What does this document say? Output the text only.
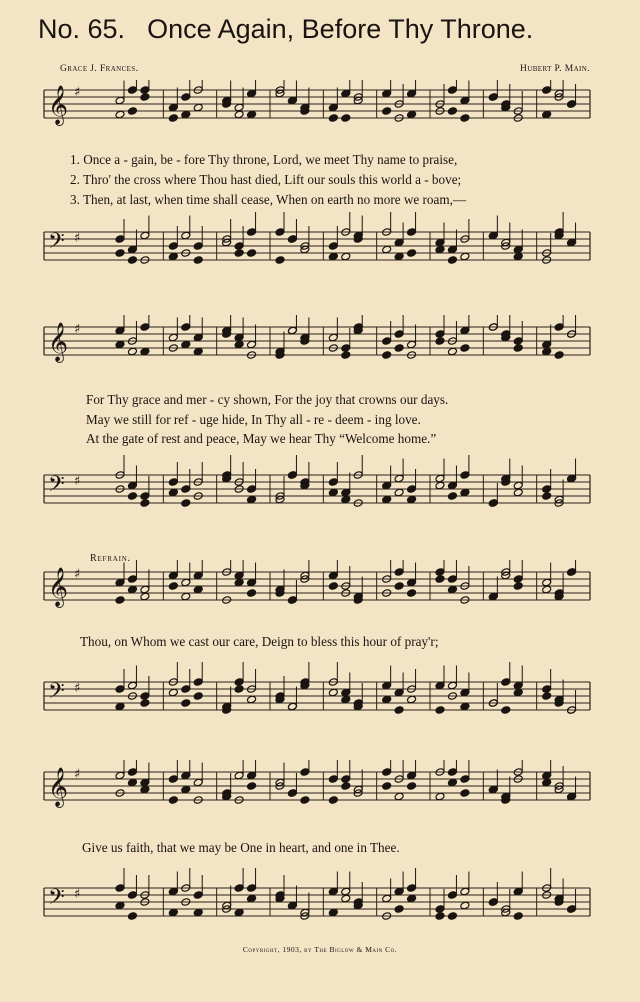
No. 65. Once Again, Before Thy Throne.
Grace J. Frances.	Hubert P. Main.
𝄞 ♯
𝄢 ♯
1. Once a - gain, be - fore Thy throne, Lord, we meet Thy name to praise,
2. Thro' the cross where Thou hast died, Lift our souls this world a - bove;
3. Then, at last, when time shall cease, When on earth no more we roam,—
𝄞 ♯
𝄢 ♯
For Thy grace and mer - cy shown, For the joy that crowns our days.
May we still for ref - uge hide, In Thy all - re - deem - ing love.
At the gate of rest and peace, May we hear Thy “Welcome home.”
Refrain.
𝄞 ♯
𝄢 ♯
Thou, on Whom we cast our care, Deign to bless this hour of pray'r;
𝄞 ♯
𝄢 ♯
Give us faith, that we may be One in heart, and one in Thee.
Copyright, 1903, by The Biglow & Main Co.
